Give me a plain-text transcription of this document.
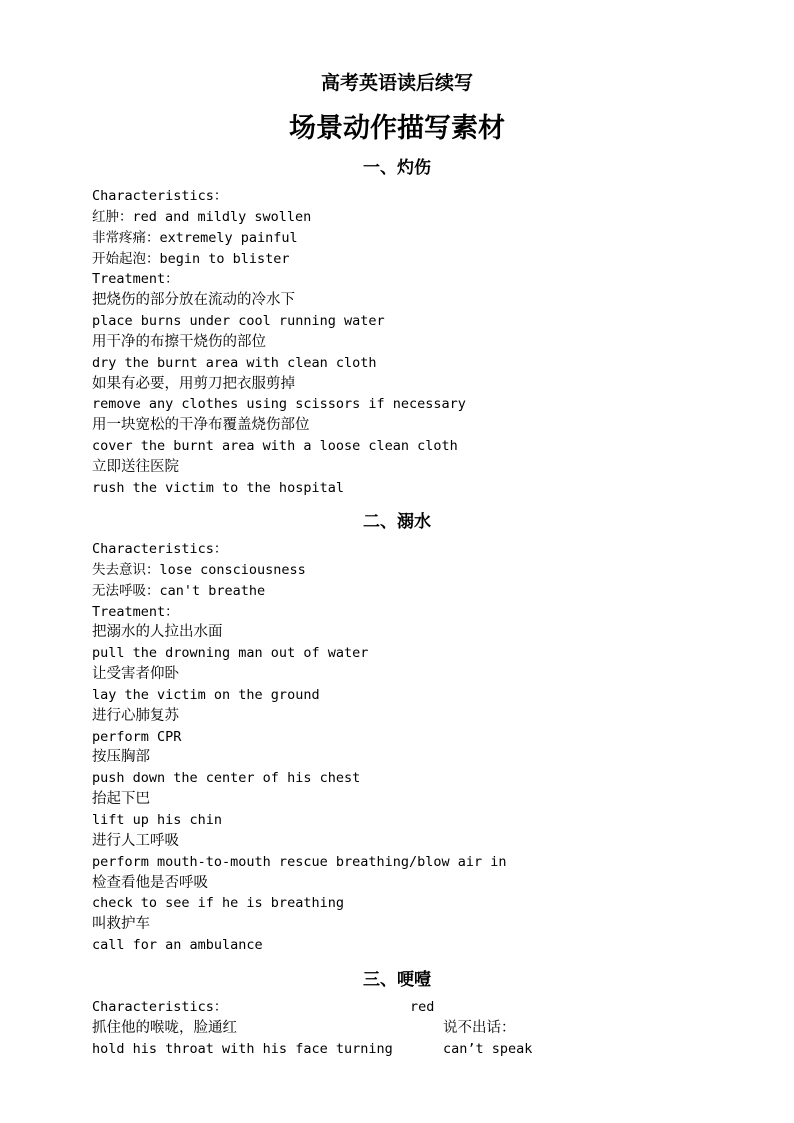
高考英语读后续写
场景动作描写素材
一、灼伤
Characteristics：
红肿：red and mildly swollen
非常疼痛：extremely painful
开始起泡：begin to blister
Treatment：
把烧伤的部分放在流动的冷水下
place burns under cool running water
用干净的布擦干烧伤的部位
dry the burnt area with clean cloth
如果有必要，用剪刀把衣服剪掉
remove any clothes using scissors if necessary
用一块宽松的干净布覆盖烧伤部位
cover the burnt area with a loose clean cloth
立即送往医院
rush the victim to the hospital
二、溺水
Characteristics：
失去意识：lose consciousness
无法呼吸：can't breathe
Treatment：
把溺水的人拉出水面
pull the drowning man out of water
让受害者仰卧
lay the victim on the ground
进行心肺复苏
perform CPR
按压胸部
push down the center of his chest
抬起下巴
lift up his chin
进行人工呼吸
perform mouth-to-mouth rescue breathing/blow air in
检查看他是否呼吸
check to see if he is breathing
叫救护车
call for an ambulance
三、哽噎
Characteristics：	red
抓住他的喉咙，脸通红	说不出话：
hold his throat with his face turning	can’t speak
